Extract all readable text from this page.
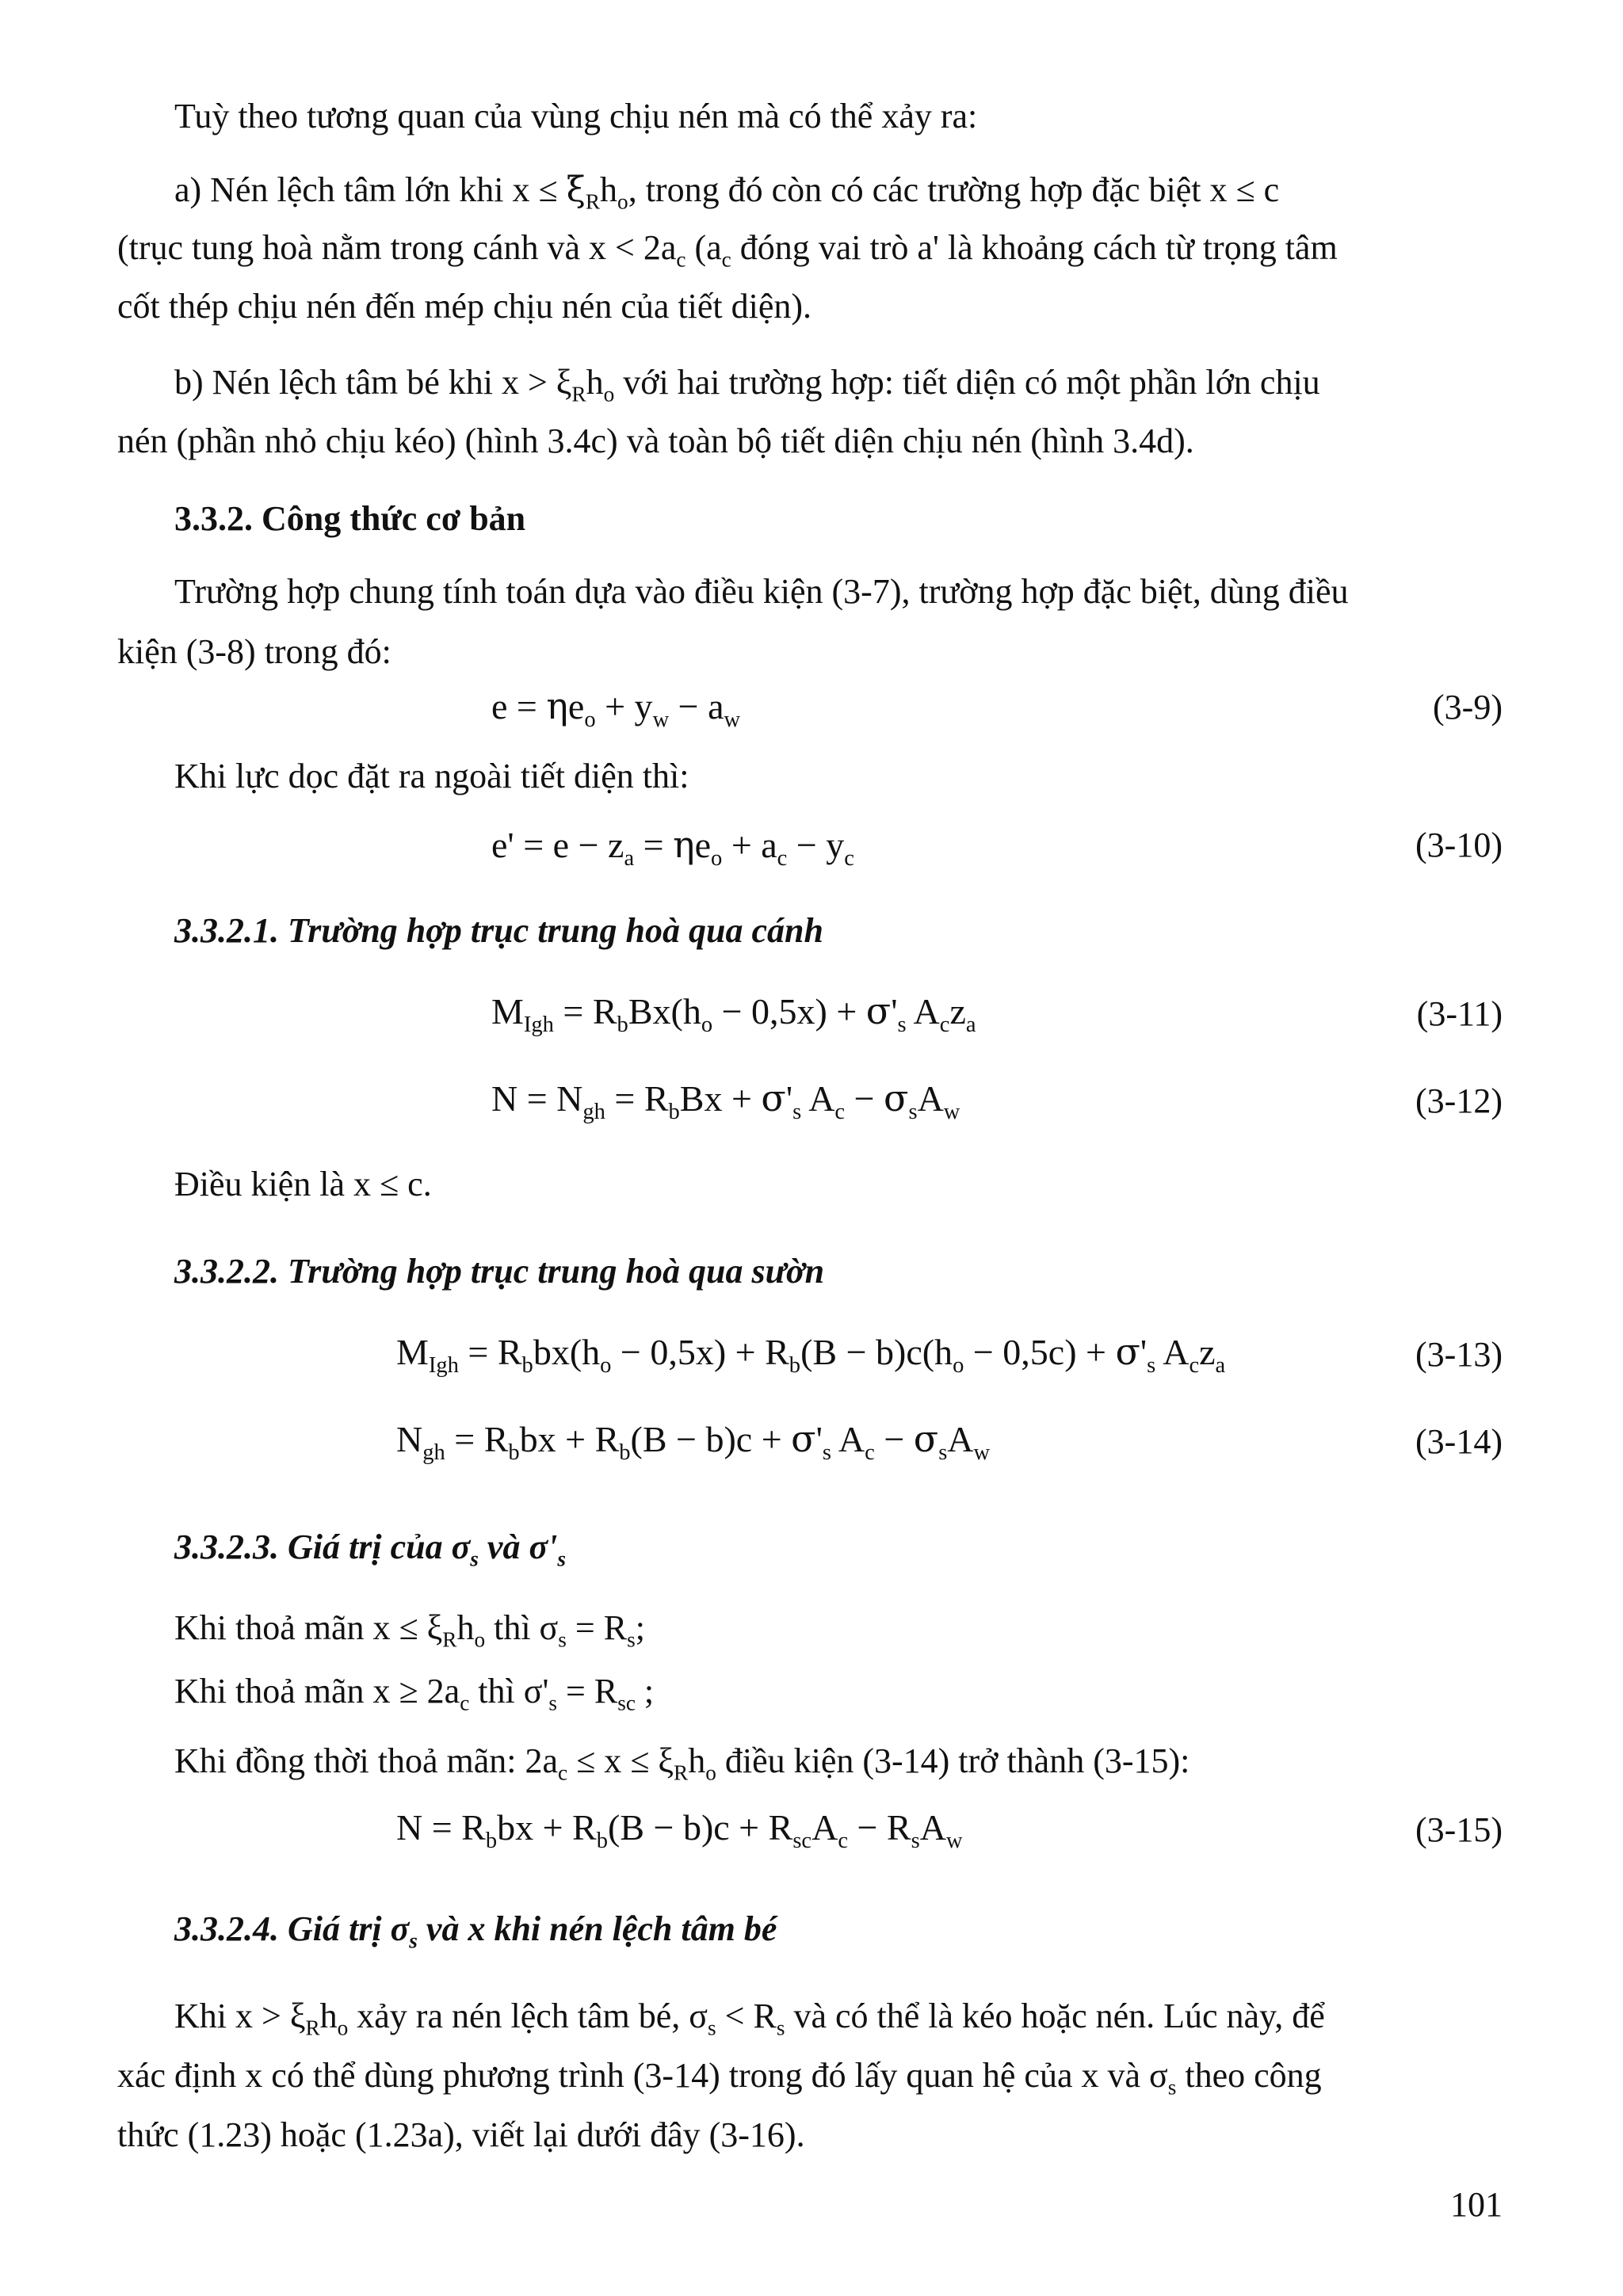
Tuỳ theo tương quan của vùng chịu nén mà có thể xảy ra:
a) Nén lệch tâm lớn khi $x \le \xi_Rh_o$, trong đó còn có các trường hợp đặc biệt x ≤ c
(trục tung hoà nằm trong cánh và $x < 2a_c$ ($a_c$ đóng vai trò a' là khoảng cách từ trọng tâm
cốt thép chịu nén đến mép chịu nén của tiết diện).
b) Nén lệch tâm bé khi $x > \xi_Rh_o$ với hai trường hợp: tiết diện có một phần lớn chịu
nén (phần nhỏ chịu kéo) (hình 3.4c) và toàn bộ tiết diện chịu nén (hình 3.4d).
3.3.2. Công thức cơ bản
Trường hợp chung tính toán dựa vào điều kiện (3-7), trường hợp đặc biệt, dùng điều
kiện (3-8) trong đó:
$e = \eta e_o + y_w - a_w$	(3-9)
Khi lực dọc đặt ra ngoài tiết diện thì:
$e' = e - z_a = \eta e_o + a_c - y_c$	(3-10)
3.3.2.1. Trường hợp trục trung hoà qua cánh
$M_{Igh} = R_bBx(h_o - 0,5x) + \sigma'_s$ $A_cz_a$	(3-11)
$N = N_{gh} = R_bBx + \sigma'_s$ $A_c - \sigma_sA_w$	(3-12)
Điều kiện là x ≤ c.
3.3.2.2. Trường hợp trục trung hoà qua sườn
$M_{Igh} = R_bbx(h_o - 0,5x) + R_b(B - b)c(h_o - 0,5c) + \sigma'_s$ $A_cz_a$	(3-13)
$N_{gh} = R_bbx + R_b(B - b)c + \sigma'_s$ $A_c - \sigma_sA_w$	(3-14)
3.3.2.3. Giá trị của $\sigma_s$ và $\sigma'_s$
Khi thoả mãn $x \le \xi_Rh_o$ thì $\sigma_s = R_s$;
Khi thoả mãn $x \ge 2a_c$ thì $\sigma'_s = R_{sc}$ ;
Khi đồng thời thoả mãn: $2a_c \le x \le \xi_Rh_o$ điều kiện (3-14) trở thành (3-15):
$N = R_bbx + R_b(B - b)c + R_{sc}A_c - R_sA_w$	(3-15)
3.3.2.4. Giá trị $\sigma_s$ và x khi nén lệch tâm bé
Khi $x > \xi_Rh_o$ xảy ra nén lệch tâm bé, $\sigma_s < R_s$ và có thể là kéo hoặc nén. Lúc này, để
xác định x có thể dùng phương trình (3-14) trong đó lấy quan hệ của x và $\sigma_s$ theo công
thức (1.23) hoặc (1.23a), viết lại dưới đây (3-16).
101
